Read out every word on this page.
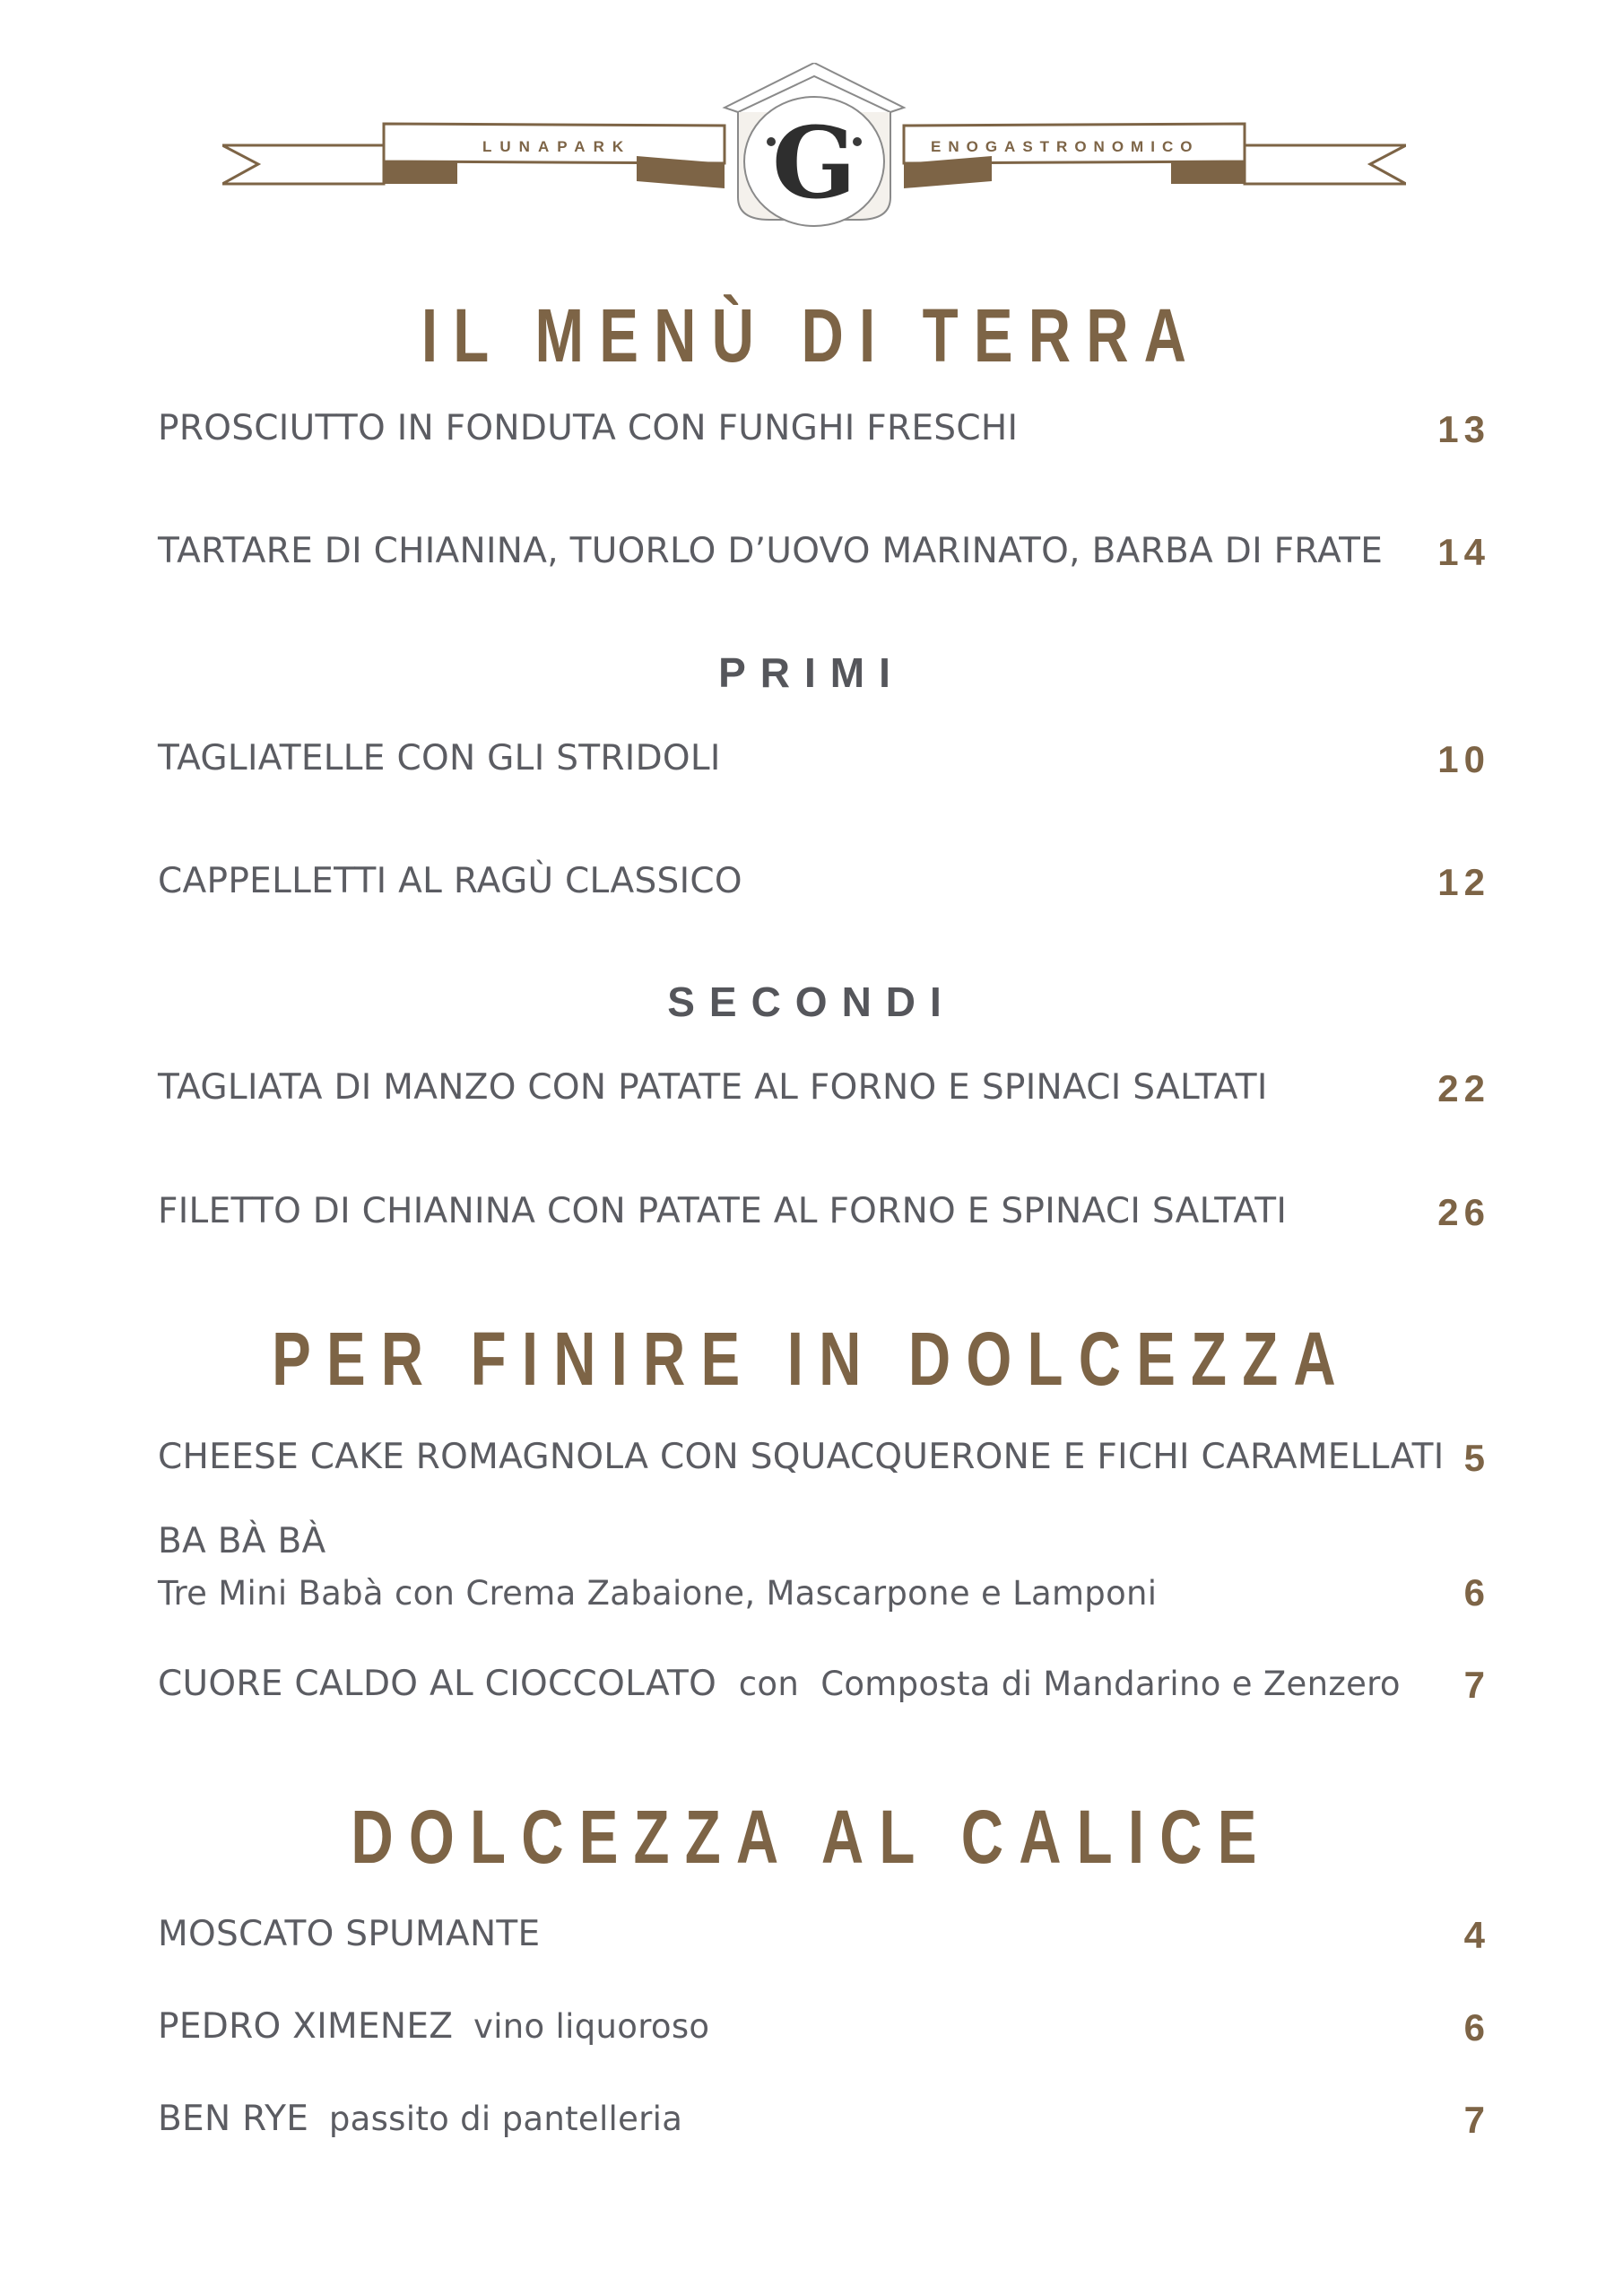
LUNAPARK	ENOGASTRONOMICO
G
IL MENÙ DI TERRA
PROSCIUTTO IN FONDUTA CON FUNGHI FRESCHI	13
TARTARE DI CHIANINA, TUORLO D’UOVO MARINATO, BARBA DI FRATE	14
PRIMI
TAGLIATELLE CON GLI STRIDOLI	10
CAPPELLETTI AL RAGÙ CLASSICO	12
SECONDI
TAGLIATA DI MANZO CON PATATE AL FORNO E SPINACI SALTATI	22
FILETTO DI CHIANINA CON PATATE AL FORNO E SPINACI SALTATI	26
PER FINIRE IN DOLCEZZA
CHEESE CAKE ROMAGNOLA CON SQUACQUERONE E FICHI CARAMELLATI 5
BA BÀ BÀ
Tre Mini Babà con Crema Zabaione, Mascarpone e Lamponi	6
CUORE CALDO AL CIOCCOLATO con  Composta di Mandarino e Zenzero	7
DOLCEZZA AL CALICE
MOSCATO SPUMANTE	4
PEDRO XIMENEZ vino liquoroso	6
BEN RYE passito di pantelleria	7
